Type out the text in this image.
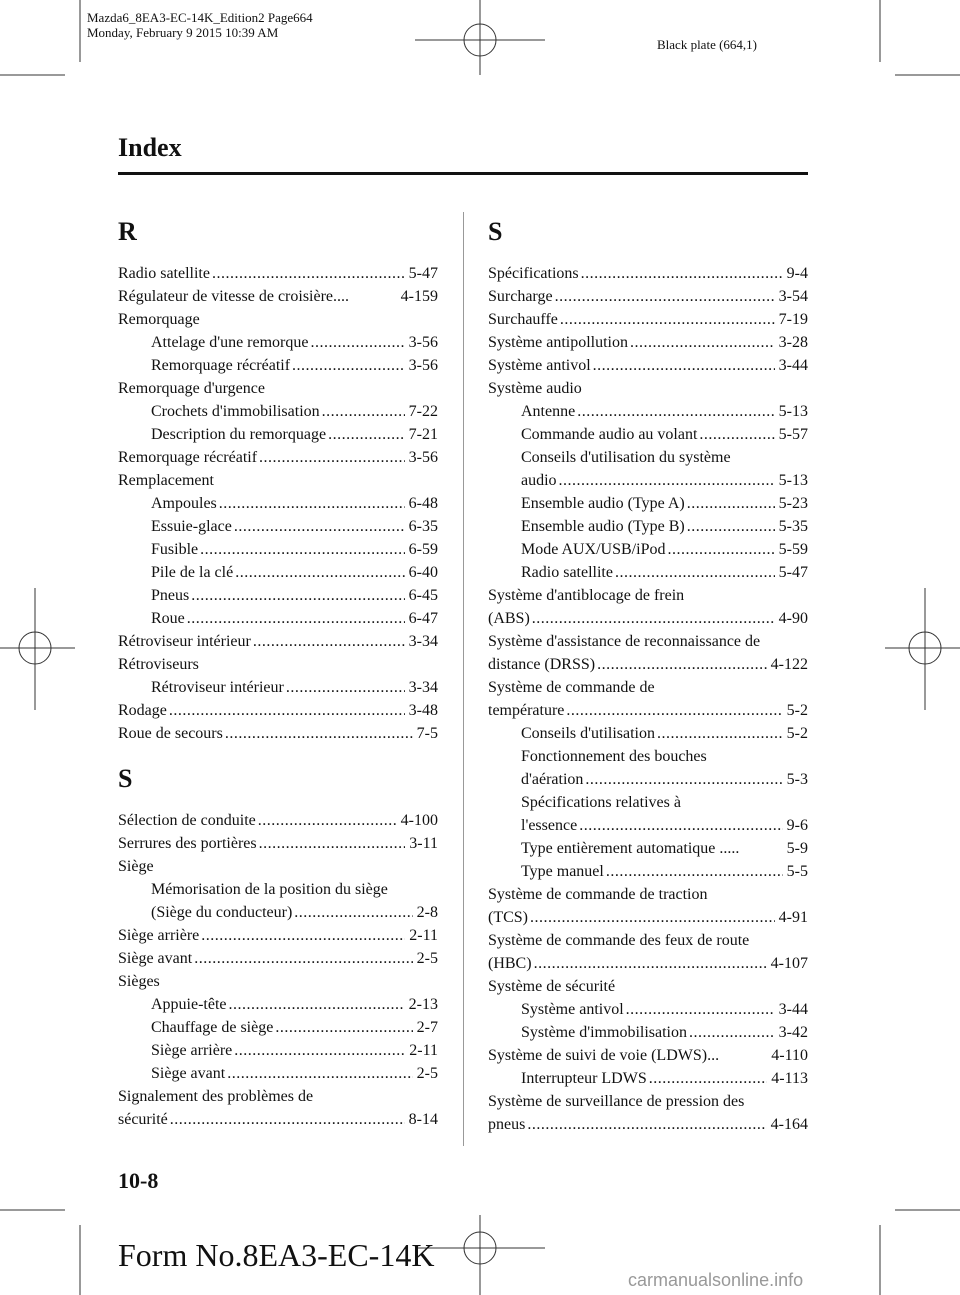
Mazda6_8EA3-EC-14K_Edition2 Page664
Monday, February 9 2015 10:39 AM
Black plate (664,1)
Index
R
Radio satellite .....	5-47
Régulateur de vitesse de croisière....	4-159
Remorquage
Attelage d'une remorque .....	3-56
Remorquage récréatif .....	3-56
Remorquage d'urgence
Crochets d'immobilisation .....	7-22
Description du remorquage .....	7-21
Remorquage récréatif .....	3-56
Remplacement
Ampoules .....	6-48
Essuie-glace .....	6-35
Fusible .....	6-59
Pile de la clé .....	6-40
Pneus .....	6-45
Roue .....	6-47
Rétroviseur intérieur .....	3-34
Rétroviseurs
Rétroviseur intérieur .....	3-34
Rodage .....	3-48
Roue de secours .....	7-5
S
Sélection de conduite .....	4-100
Serrures des portières .....	3-11
Siège
Mémorisation de la position du siège
(Siège du conducteur) .....	2-8
Siège arrière .....	2-11
Siège avant .....	2-5
Sièges
Appuie-tête .....	2-13
Chauffage de siège .....	2-7
Siège arrière .....	2-11
Siège avant .....	2-5
Signalement des problèmes de
sécurité .....	8-14
S
Spécifications .....	9-4
Surcharge .....	3-54
Surchauffe .....	7-19
Système antipollution .....	3-28
Système antivol .....	3-44
Système audio
Antenne .....	5-13
Commande audio au volant .....	5-57
Conseils d'utilisation du système
audio .....	5-13
Ensemble audio (Type A) .....	5-23
Ensemble audio (Type B) .....	5-35
Mode AUX/USB/iPod .....	5-59
Radio satellite .....	5-47
Système d'antiblocage de frein
(ABS) .....	4-90
Système d'assistance de reconnaissance de
distance (DRSS) .....	4-122
Système de commande de
température .....	5-2
Conseils d'utilisation .....	5-2
Fonctionnement des bouches
d'aération .....	5-3
Spécifications relatives à
l'essence .....	9-6
Type entièrement automatique .....	5-9
Type manuel .....	5-5
Système de commande de traction
(TCS) .....	4-91
Système de commande des feux de route
(HBC) .....	4-107
Système de sécurité
Système antivol .....	3-44
Système d'immobilisation .....	3-42
Système de suivi de voie (LDWS)...	4-110
Interrupteur LDWS .....	4-113
Système de surveillance de pression des
pneus .....	4-164
10-8
Form No.8EA3-EC-14K
carmanualsonline.info
